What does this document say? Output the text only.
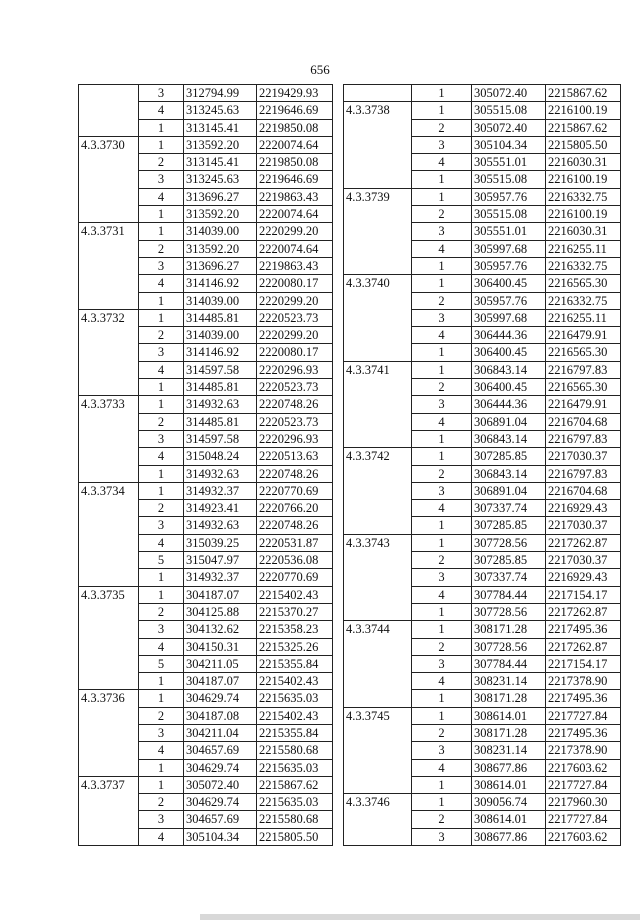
656
	3	312794.99	2219429.93
	4	313245.63	2219646.69
	1	313145.41	2219850.08
4.3.3730	1	313592.20	2220074.64
	2	313145.41	2219850.08
	3	313245.63	2219646.69
	4	313696.27	2219863.43
	1	313592.20	2220074.64
4.3.3731	1	314039.00	2220299.20
	2	313592.20	2220074.64
	3	313696.27	2219863.43
	4	314146.92	2220080.17
	1	314039.00	2220299.20
4.3.3732	1	314485.81	2220523.73
	2	314039.00	2220299.20
	3	314146.92	2220080.17
	4	314597.58	2220296.93
	1	314485.81	2220523.73
4.3.3733	1	314932.63	2220748.26
	2	314485.81	2220523.73
	3	314597.58	2220296.93
	4	315048.24	2220513.63
	1	314932.63	2220748.26
4.3.3734	1	314932.37	2220770.69
	2	314923.41	2220766.20
	3	314932.63	2220748.26
	4	315039.25	2220531.87
	5	315047.97	2220536.08
	1	314932.37	2220770.69
4.3.3735	1	304187.07	2215402.43
	2	304125.88	2215370.27
	3	304132.62	2215358.23
	4	304150.31	2215325.26
	5	304211.05	2215355.84
	1	304187.07	2215402.43
4.3.3736	1	304629.74	2215635.03
	2	304187.08	2215402.43
	3	304211.04	2215355.84
	4	304657.69	2215580.68
	1	304629.74	2215635.03
4.3.3737	1	305072.40	2215867.62
	2	304629.74	2215635.03
	3	304657.69	2215580.68
	4	305104.34	2215805.50
	1	305072.40	2215867.62
4.3.3738	1	305515.08	2216100.19
	2	305072.40	2215867.62
	3	305104.34	2215805.50
	4	305551.01	2216030.31
	1	305515.08	2216100.19
4.3.3739	1	305957.76	2216332.75
	2	305515.08	2216100.19
	3	305551.01	2216030.31
	4	305997.68	2216255.11
	1	305957.76	2216332.75
4.3.3740	1	306400.45	2216565.30
	2	305957.76	2216332.75
	3	305997.68	2216255.11
	4	306444.36	2216479.91
	1	306400.45	2216565.30
4.3.3741	1	306843.14	2216797.83
	2	306400.45	2216565.30
	3	306444.36	2216479.91
	4	306891.04	2216704.68
	1	306843.14	2216797.83
4.3.3742	1	307285.85	2217030.37
	2	306843.14	2216797.83
	3	306891.04	2216704.68
	4	307337.74	2216929.43
	1	307285.85	2217030.37
4.3.3743	1	307728.56	2217262.87
	2	307285.85	2217030.37
	3	307337.74	2216929.43
	4	307784.44	2217154.17
	1	307728.56	2217262.87
4.3.3744	1	308171.28	2217495.36
	2	307728.56	2217262.87
	3	307784.44	2217154.17
	4	308231.14	2217378.90
	1	308171.28	2217495.36
4.3.3745	1	308614.01	2217727.84
	2	308171.28	2217495.36
	3	308231.14	2217378.90
	4	308677.86	2217603.62
	1	308614.01	2217727.84
4.3.3746	1	309056.74	2217960.30
	2	308614.01	2217727.84
	3	308677.86	2217603.62
